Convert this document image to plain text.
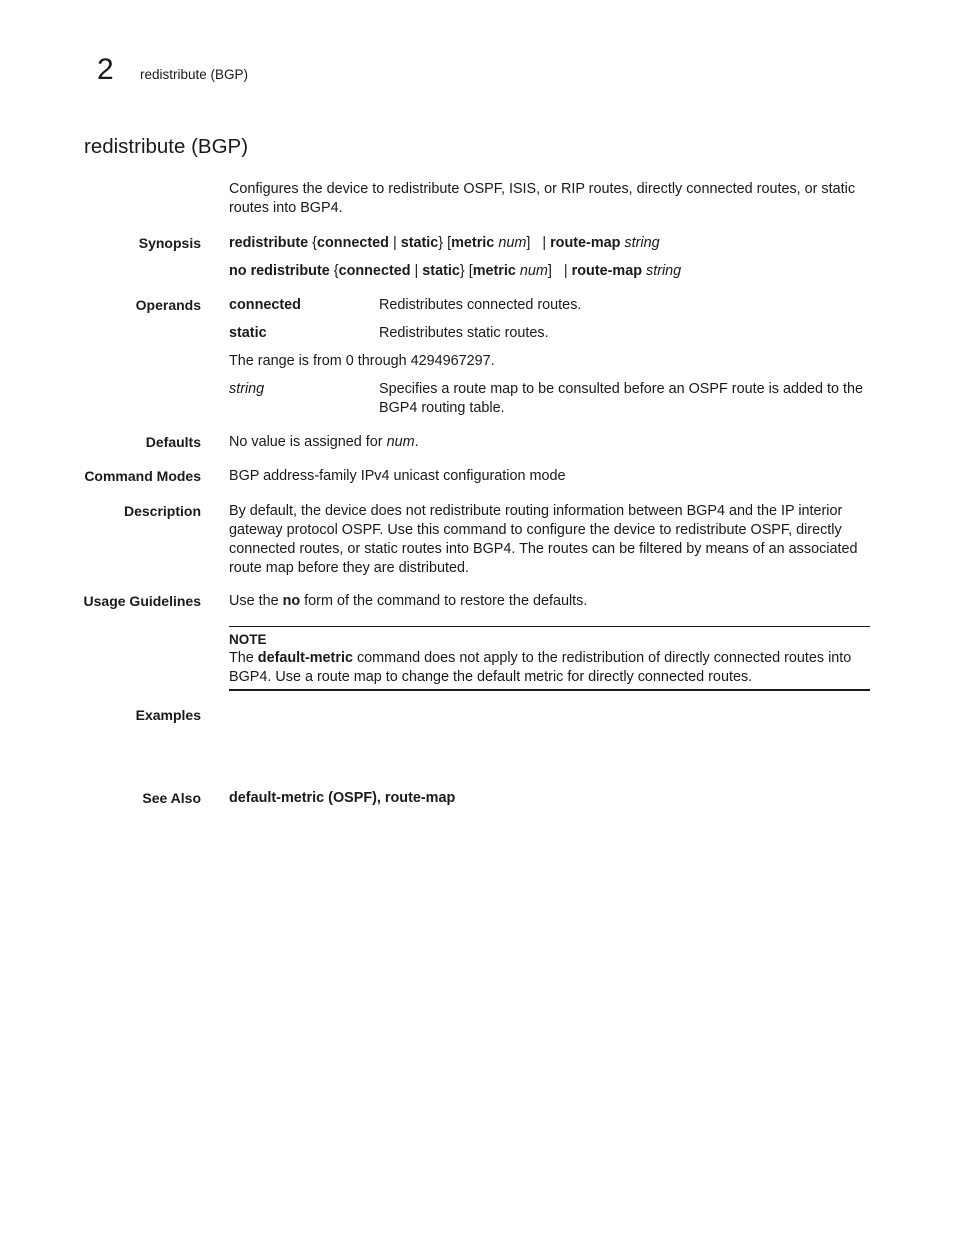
2 redistribute (BGP)
redistribute (BGP)
Configures the device to redistribute OSPF, ISIS, or RIP routes, directly connected routes, or static routes into BGP4.
Synopsis redistribute {connected | static} [metric num] | route-map string
no redistribute {connected | static} [metric num] | route-map string
Operands connected	Redistributes connected routes.
static	Redistributes static routes.
The range is from 0 through 4294967297.
string	Specifies a route map to be consulted before an OSPF route is added to the BGP4 routing table.
Defaults No value is assigned for num.
Command Modes BGP address-family IPv4 unicast configuration mode
Description By default, the device does not redistribute routing information between BGP4 and the IP interior gateway protocol OSPF. Use this command to configure the device to redistribute OSPF, directly connected routes, or static routes into BGP4. The routes can be filtered by means of an associated route map before they are distributed.
Usage Guidelines Use the no form of the command to restore the defaults.
NOTE
The default-metric command does not apply to the redistribution of directly connected routes into BGP4. Use a route map to change the default metric for directly connected routes.
Examples
See Also default-metric (OSPF), route-map
